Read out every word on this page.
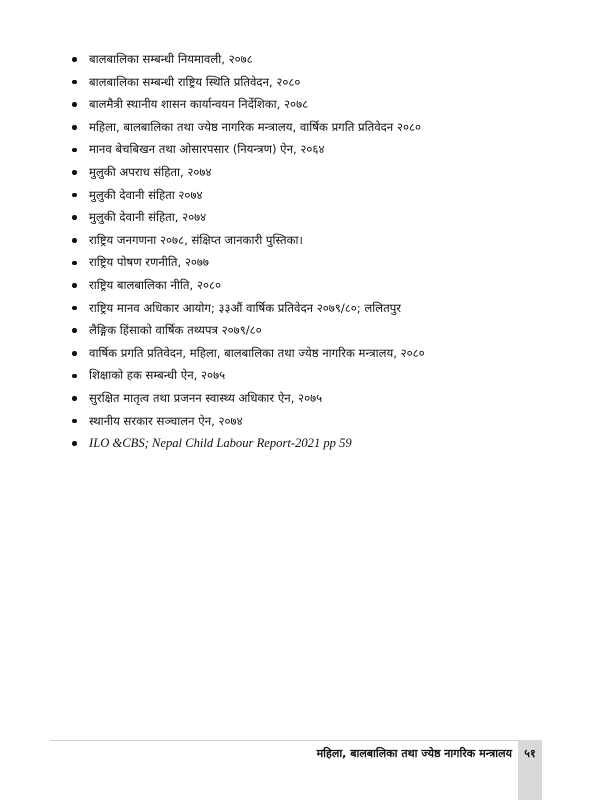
बालबालिका सम्बन्धी नियमावली, २०७८
बालबालिका सम्बन्धी राष्ट्रिय स्थिति प्रतिवेदन, २०८०
बालमैत्री स्थानीय शासन कार्यान्वयन निर्देशिका, २०७८
महिला, बालबालिका तथा ज्येष्ठ नागरिक मन्त्रालय, वार्षिक प्रगति प्रतिवेदन २०८०
मानव बेचबिखन तथा ओसारपसार (नियन्त्रण) ऐन, २०६४
मुलुकी अपराध संहिता, २०७४
मुलुकी देवानी संहिता २०७४
मुलुकी देवानी संहिता, २०७४
राष्ट्रिय जनगणना २०७८, संक्षिप्त जानकारी पुस्तिका।
राष्ट्रिय पोषण रणनीति, २०७७
राष्ट्रिय बालबालिका नीति, २०८०
राष्ट्रिय मानव अधिकार आयोग; ३३औं वार्षिक प्रतिवेदन २०७९/८०; ललितपुर
लैङ्गिक हिंसाको वार्षिक तथ्यपत्र २०७९/८०
वार्षिक प्रगति प्रतिवेदन, महिला, बालबालिका तथा ज्येष्ठ नागरिक मन्त्रालय, २०८०
शिक्षाको हक सम्बन्धी ऐन, २०७५
सुरक्षित मातृत्व तथा प्रजनन स्वास्थ्य अधिकार ऐन, २०७५
स्थानीय सरकार सञ्चालन ऐन, २०७४
ILO &CBS; Nepal Child Labour Report-2021 pp 59
महिला, बालबालिका तथा ज्येष्ठ नागरिक मन्त्रालय	५१
